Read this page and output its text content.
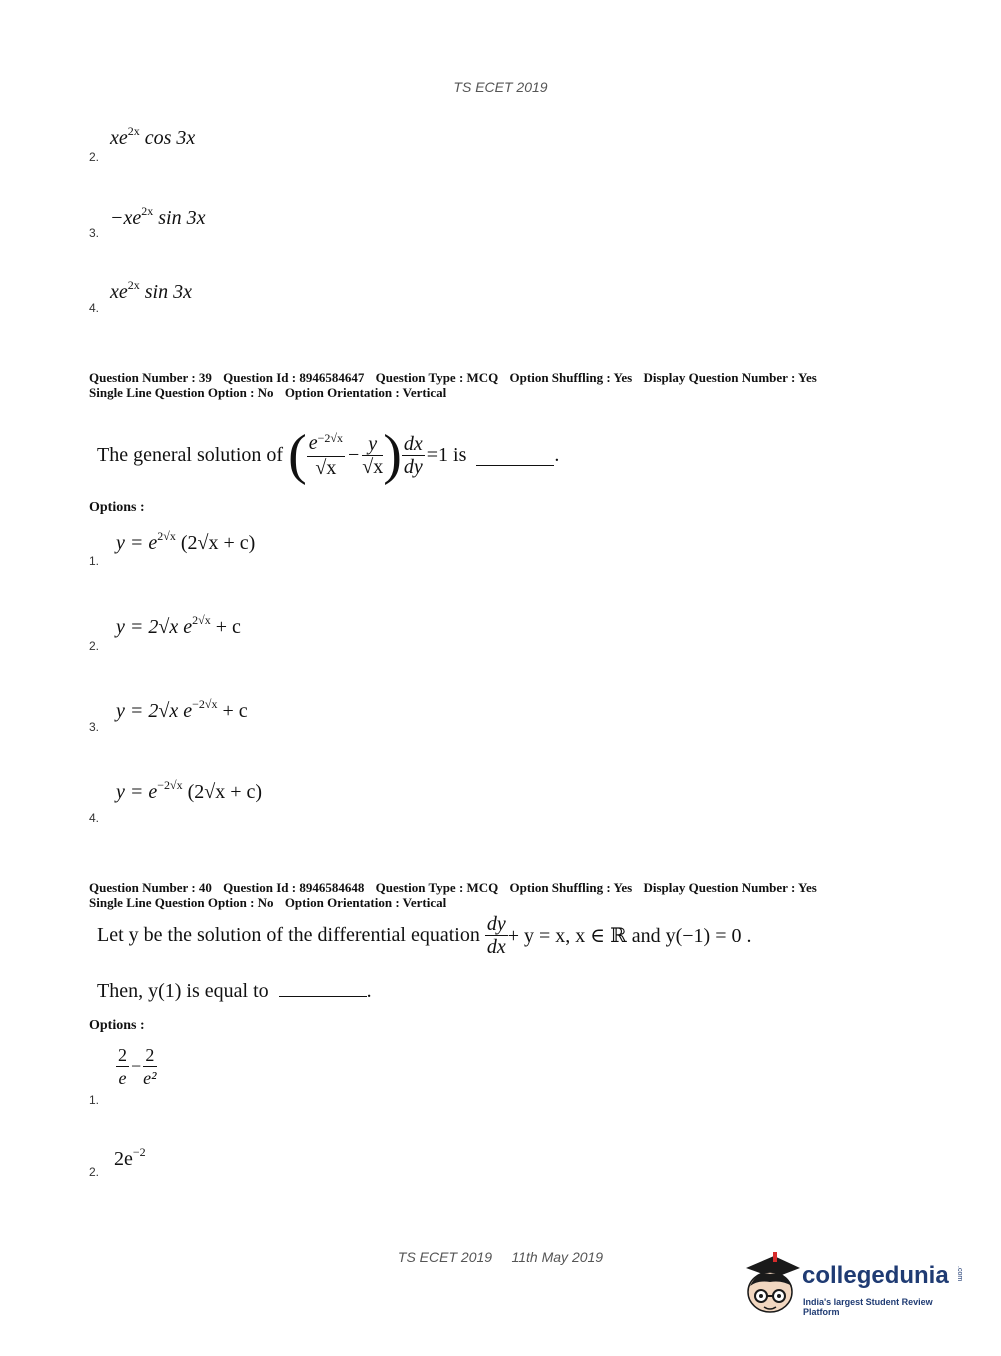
TS ECET 2019
$xe^{2x}$ cos 3x
2.
$-xe^{2x}$ sin 3x
3.
$xe^{2x}$ sin 3x
4.
Question Number : 39 Question Id : 8946584647 Question Type : MCQ Option Shuffling : Yes Display Question Number : Yes
Single Line Question Option : No Option Orientation : Vertical
The general solution of
( $\frac{e^{-2√x}}{√x} - \frac{y}{√x}$ ) $\frac{dx}{dy} =1$ is
	.
Options :
$y = e^{2√x}$ (2√x + c)
1.
y = 2√x $e^{2√x} + c$
2.
y = 2√x $e^{-2√x} + c$
3.
$y = e^{-2√x}$ (2√x + c)
4.
Question Number : 40 Question Id : 8946584648 Question Type : MCQ Option Shuffling : Yes Display Question Number : Yes
Single Line Question Option : No Option Orientation : Vertical
Let y be the solution of the differential equation
$\frac{dy}{dx} + y = x$, x ∈ ℝ and y(−1) = 0 .
Then, y(1) is equal to	.
Options :
$\frac{2}{e} - \frac{2}{\text{e²}}$
1.
$2e^{-2}$
2.
TS ECET 2019     11th May 2019
collegedunia .com
India's largest Student Review Platform
